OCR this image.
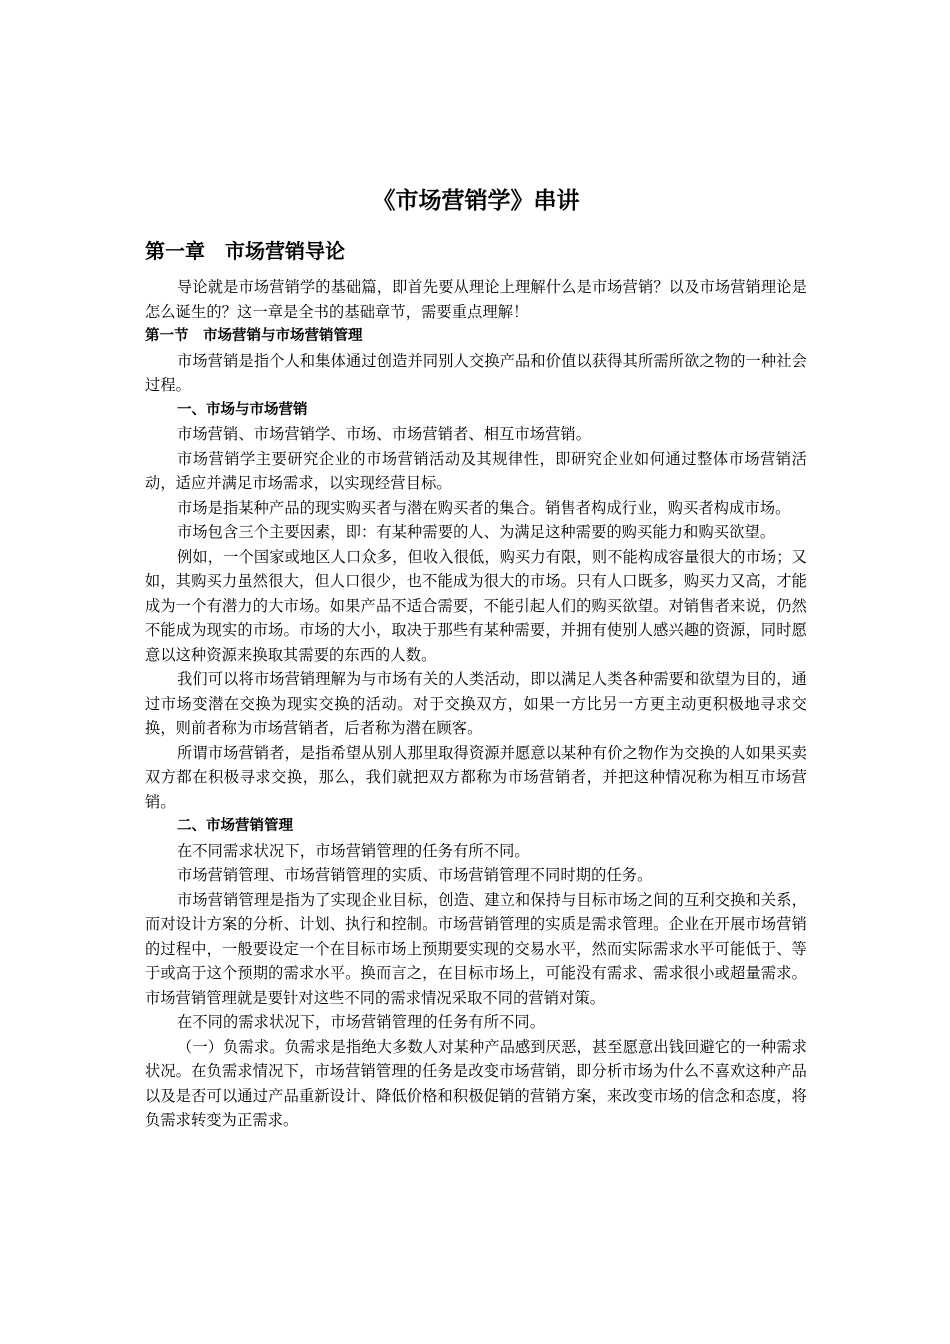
《市场营销学》串讲
第一章　市场营销导论

导论就是市场营销学的基础篇，即首先要从理论上理解什么是市场营销？以及市场营销理论是怎么诞生的？这一章是全书的基础章节，需要重点理解！

第一节　市场营销与市场营销管理

市场营销是指个人和集体通过创造并同别人交换产品和价值以获得其所需所欲之物的一种社会过程。

一、市场与市场营销

市场营销、市场营销学、市场、市场营销者、相互市场营销。

市场营销学主要研究企业的市场营销活动及其规律性，即研究企业如何通过整体市场营销活动，适应并满足市场需求，以实现经营目标。

市场是指某种产品的现实购买者与潜在购买者的集合。销售者构成行业，购买者构成市场。

市场包含三个主要因素，即：有某种需要的人、为满足这种需要的购买能力和购买欲望。

例如，一个国家或地区人口众多，但收入很低，购买力有限，则不能构成容量很大的市场；又如，其购买力虽然很大，但人口很少，也不能成为很大的市场。只有人口既多，购买力又高，才能成为一个有潜力的大市场。如果产品不适合需要，不能引起人们的购买欲望。对销售者来说，仍然不能成为现实的市场。市场的大小，取决于那些有某种需要，并拥有使别人感兴趣的资源，同时愿意以这种资源来换取其需要的东西的人数。

我们可以将市场营销理解为与市场有关的人类活动，即以满足人类各种需要和欲望为目的，通过市场变潜在交换为现实交换的活动。对于交换双方，如果一方比另一方更主动更积极地寻求交换，则前者称为市场营销者，后者称为潜在顾客。

所谓市场营销者，是指希望从别人那里取得资源并愿意以某种有价之物作为交换的人如果买卖双方都在积极寻求交换，那么，我们就把双方都称为市场营销者，并把这种情况称为相互市场营销。

二、市场营销管理

在不同需求状况下，市场营销管理的任务有所不同。

市场营销管理、市场营销管理的实质、市场营销管理不同时期的任务。

市场营销管理是指为了实现企业目标，创造、建立和保持与目标市场之间的互利交换和关系，而对设计方案的分析、计划、执行和控制。市场营销管理的实质是需求管理。企业在开展市场营销的过程中，一般要设定一个在目标市场上预期要实现的交易水平，然而实际需求水平可能低于、等于或高于这个预期的需求水平。换而言之，在目标市场上，可能没有需求、需求很小或超量需求。市场营销管理就是要针对这些不同的需求情况采取不同的营销对策。

在不同的需求状况下，市场营销管理的任务有所不同。

（一）负需求。负需求是指绝大多数人对某种产品感到厌恶，甚至愿意出钱回避它的一种需求状况。在负需求情况下，市场营销管理的任务是改变市场营销，即分析市场为什么不喜欢这种产品以及是否可以通过产品重新设计、降低价格和积极促销的营销方案，来改变市场的信念和态度，将负需求转变为正需求。
